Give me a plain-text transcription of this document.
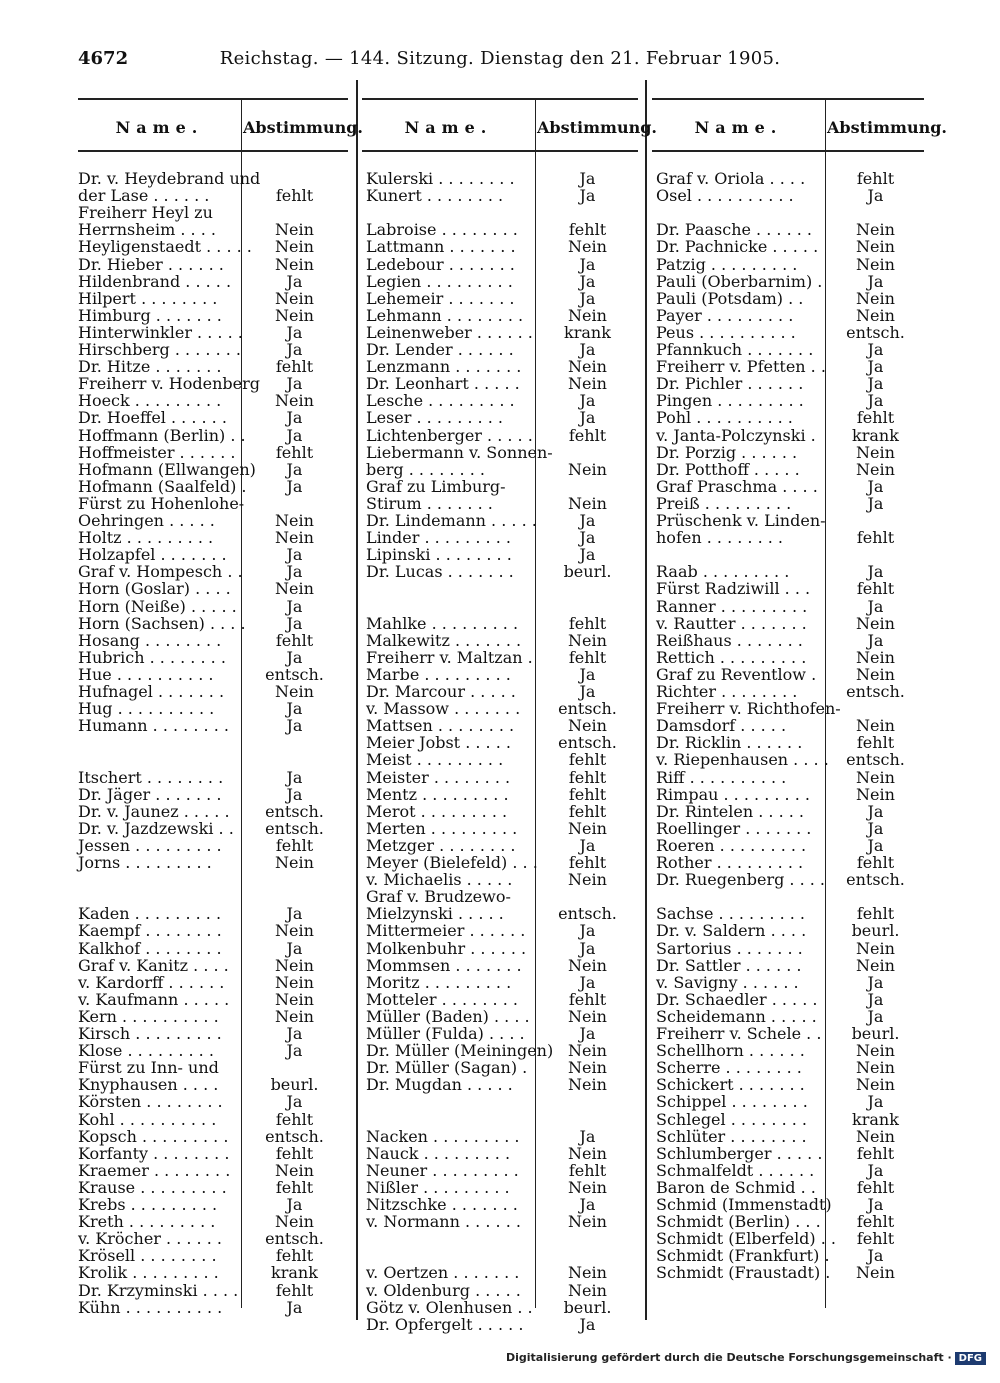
4672	Reichstag. — 144. Sitzung. Dienstag den 21. Februar 1905.
Name.	Abstimmung.	Name.	Abstimmung.	Name.	Abstimmung.
Dr. v. Heydebrand und
der Lase . . . . . .	fehlt
Freiherr Heyl zu
Herrnsheim . . . .	Nein
Heyligenstaedt . . . . .	Nein
Dr. Hieber . . . . . .	Nein
Hildenbrand . . . . .	Ja
Hilpert . . . . . . . .	Nein
Himburg . . . . . . .	Nein
Hinterwinkler . . . . .	Ja
Hirschberg . . . . . . .	Ja
Dr. Hitze . . . . . . .	fehlt
Freiherr v. Hodenberg	Ja
Hoeck . . . . . . . . .	Nein
Dr. Hoeffel . . . . . .	Ja
Hoffmann (Berlin) . .	Ja
Hoffmeister . . . . . .	fehlt
Hofmann (Ellwangen)	Ja
Hofmann (Saalfeld) .	Ja
Fürst zu Hohenlohe-
Oehringen . . . . .	Nein
Holtz . . . . . . . . .	Nein
Holzapfel . . . . . . .	Ja
Graf v. Hompesch . .	Ja
Horn (Goslar) . . . .	Nein
Horn (Neiße) . . . . .	Ja
Horn (Sachsen) . . . .	Ja
Hosang . . . . . . . .	fehlt
Hubrich . . . . . . . .	Ja
Hue . . . . . . . . . .	entsch.
Hufnagel . . . . . . .	Nein
Hug . . . . . . . . . .	Ja
Humann . . . . . . . .	Ja
Itschert . . . . . . . .	Ja
Dr. Jäger . . . . . . .	Ja
Dr. v. Jaunez . . . . .	entsch.
Dr. v. Jazdzewski . .	entsch.
Jessen . . . . . . . . .	fehlt
Jorns . . . . . . . . .	Nein
Kaden . . . . . . . . .	Ja
Kaempf . . . . . . . .	Nein
Kalkhof . . . . . . . .	Ja
Graf v. Kanitz . . . .	Nein
v. Kardorff . . . . . .	Nein
v. Kaufmann . . . . .	Nein
Kern . . . . . . . . . .	Nein
Kirsch . . . . . . . . .	Ja
Klose . . . . . . . . .	Ja
Fürst zu Inn- und
Knyphausen . . . .	beurl.
Körsten . . . . . . . .	Ja
Kohl . . . . . . . . . .	fehlt
Kopsch . . . . . . . . .	entsch.
Korfanty . . . . . . . .	fehlt
Kraemer . . . . . . . .	Nein
Krause . . . . . . . . .	fehlt
Krebs . . . . . . . . .	Ja
Kreth . . . . . . . . .	Nein
v. Kröcher . . . . . .	entsch.
Krösell . . . . . . . .	fehlt
Krolik . . . . . . . . .	krank
Dr. Krzyminski . . . .	fehlt
Kühn . . . . . . . . . .	Ja
Kulerski . . . . . . . .	Ja
Kunert . . . . . . . .	Ja
Labroise . . . . . . . .	fehlt
Lattmann . . . . . . .	Nein
Ledebour . . . . . . .	Ja
Legien . . . . . . . . .	Ja
Lehemeir . . . . . . .	Ja
Lehmann . . . . . . . .	Nein
Leinenweber . . . . . .	krank
Dr. Lender . . . . . .	Ja
Lenzmann . . . . . . .	Nein
Dr. Leonhart . . . . .	Nein
Lesche . . . . . . . . .	Ja
Leser . . . . . . . . .	Ja
Lichtenberger . . . . .	fehlt
Liebermann v. Sonnen-
berg . . . . . . . .	Nein
Graf zu Limburg-
Stirum . . . . . . .	Nein
Dr. Lindemann . . . . .	Ja
Linder . . . . . . . . .	Ja
Lipinski . . . . . . . .	Ja
Dr. Lucas . . . . . . .	beurl.
Mahlke . . . . . . . . .	fehlt
Malkewitz . . . . . . .	Nein
Freiherr v. Maltzan .	fehlt
Marbe . . . . . . . . .	Ja
Dr. Marcour . . . . .	Ja
v. Massow . . . . . . .	entsch.
Mattsen . . . . . . . .	Nein
Meier Jobst . . . . .	entsch.
Meist . . . . . . . . .	fehlt
Meister . . . . . . . .	fehlt
Mentz . . . . . . . . .	fehlt
Merot . . . . . . . . .	fehlt
Merten . . . . . . . . .	Nein
Metzger . . . . . . . .	Ja
Meyer (Bielefeld) . . .	fehlt
v. Michaelis . . . . .	Nein
Graf v. Brudzewo-
Mielzynski . . . . .	entsch.
Mittermeier . . . . . .	Ja
Molkenbuhr . . . . . .	Ja
Mommsen . . . . . . .	Nein
Moritz . . . . . . . . .	Ja
Motteler . . . . . . . .	fehlt
Müller (Baden) . . . .	Nein
Müller (Fulda) . . . .	Ja
Dr. Müller (Meiningen) Nein
Dr. Müller (Sagan) .	Nein
Dr. Mugdan . . . . .	Nein
Nacken . . . . . . . . .	Ja
Nauck . . . . . . . . .	Nein
Neuner . . . . . . . . .	fehlt
Nißler . . . . . . . . .	Nein
Nitzschke . . . . . . .	Ja
v. Normann . . . . . .	Nein
v. Oertzen . . . . . . .	Nein
v. Oldenburg . . . . .	Nein
Götz v. Olenhusen . .	beurl.
Dr. Opfergelt . . . . .	Ja
Graf v. Oriola . . . .	fehlt
Osel . . . . . . . . . .	Ja
Dr. Paasche . . . . . .	Nein
Dr. Pachnicke . . . . .	Nein
Patzig . . . . . . . . .	Nein
Pauli (Oberbarnim) .	Ja
Pauli (Potsdam) . .	Nein
Payer . . . . . . . . .	Nein
Peus . . . . . . . . . .	entsch.
Pfannkuch . . . . . . .	Ja
Freiherr v. Pfetten . .	Ja
Dr. Pichler . . . . . .	Ja
Pingen . . . . . . . . .	Ja
Pohl . . . . . . . . . .	fehlt
v. Janta-Polczynski .	krank
Dr. Porzig . . . . . .	Nein
Dr. Potthoff . . . . .	Nein
Graf Praschma . . . .	Ja
Preiß . . . . . . . . .	Ja
Prüschenk v. Linden-
hofen . . . . . . . .	fehlt
Raab . . . . . . . . .	Ja
Fürst Radziwill . . .	fehlt
Ranner . . . . . . . . .	Ja
v. Rautter . . . . . . .	Nein
Reißhaus . . . . . . .	Ja
Rettich . . . . . . . . .	Nein
Graf zu Reventlow .	Nein
Richter . . . . . . . .	entsch.
Freiherr v. Richthofen-
Damsdorf . . . . .	Nein
Dr. Ricklin . . . . . .	fehlt
v. Riepenhausen . . . .	entsch.
Riff . . . . . . . . . .	Nein
Rimpau . . . . . . . . .	Nein
Dr. Rintelen . . . . .	Ja
Roellinger . . . . . . .	Ja
Roeren . . . . . . . . .	Ja
Rother . . . . . . . . .	fehlt
Dr. Ruegenberg . . . .	entsch.
Sachse . . . . . . . . .	fehlt
Dr. v. Saldern . . . .	beurl.
Sartorius . . . . . . .	Nein
Dr. Sattler . . . . . .	Nein
v. Savigny . . . . . .	Ja
Dr. Schaedler . . . . .	Ja
Scheidemann . . . . .	Ja
Freiherr v. Schele . .	beurl.
Schellhorn . . . . . .	Nein
Scherre . . . . . . . .	Nein
Schickert . . . . . . .	Nein
Schippel . . . . . . . .	Ja
Schlegel . . . . . . . .	krank
Schlüter . . . . . . . .	Nein
Schlumberger . . . . .	fehlt
Schmalfeldt . . . . . .	Ja
Baron de Schmid . .	fehlt
Schmid (Immenstadt)	Ja
Schmidt (Berlin) . . .	fehlt
Schmidt (Elberfeld) . .	fehlt
Schmidt (Frankfurt) .	Ja
Schmidt (Fraustadt) .	Nein
Digitalisierung gefördert durch die Deutsche Forschungsgemeinschaft · DFG
